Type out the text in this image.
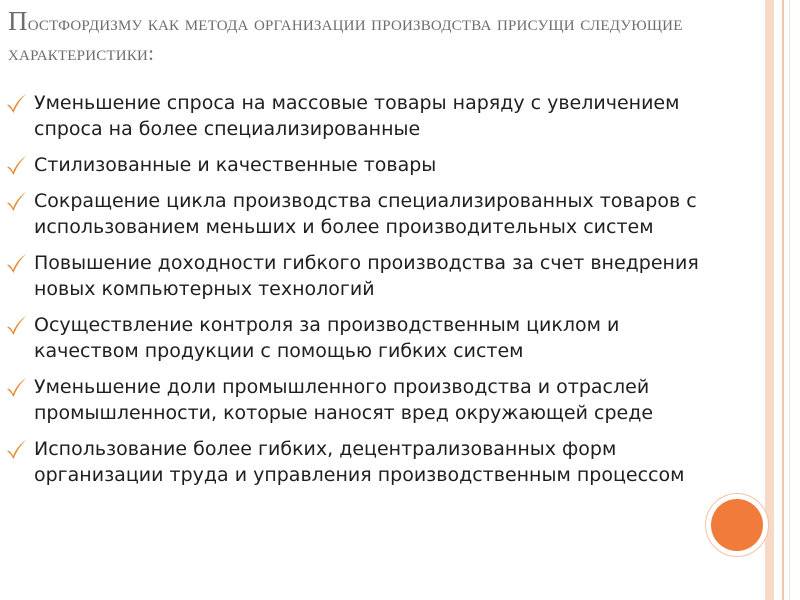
Постфордизму как метода организации производства присущи следующие характеристики:
Уменьшение спроса на массовые товары наряду с увеличением
спроса на более специализированные
Стилизованные и качественные товары
Сокращение цикла производства специализированных товаров с
использованием меньших и более производительных систем
Повышение доходности гибкого производства за счет внедрения
новых компьютерных технологий
Осуществление контроля за производственным циклом и
качеством продукции с помощью гибких систем
Уменьшение доли промышленного производства и отраслей
промышленности, которые наносят вред окружающей среде
Использование более гибких, децентрализованных форм
организации труда и управления производственным процессом
